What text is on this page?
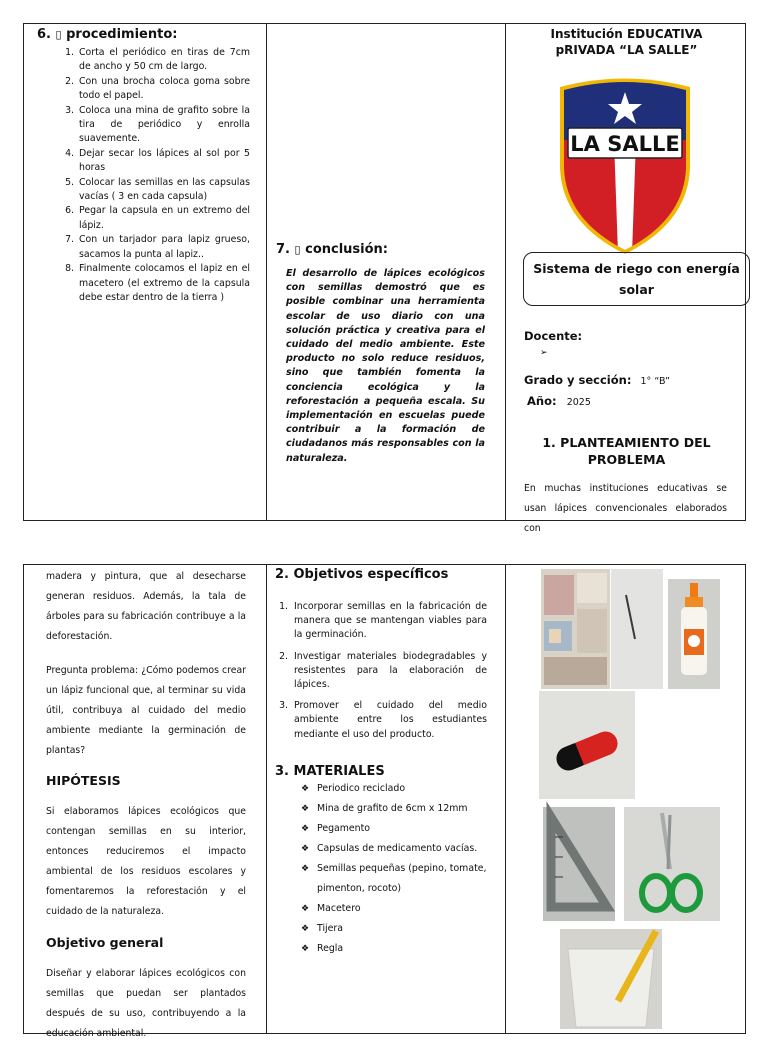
6. ▯ procedimiento:
1. Corta el periódico en tiras de 7cm de ancho y 50 cm de largo.
2. Con una brocha coloca goma sobre todo el papel.
3. Coloca una mina de grafito sobre la tira de periódico y enrolla suavemente.
4. Dejar secar los lápices al sol por 5 horas
5. Colocar las semillas en las capsulas vacías ( 3 en cada capsula)
6. Pegar la capsula en un extremo del lápiz.
7. Con un tarjador para lapiz grueso, sacamos la punta al lapiz..
8. Finalmente colocamos el lapiz en el macetero (el extremo de la capsula debe estar dentro de la tierra )
7. ▯ conclusión:

El desarrollo de lápices ecológicos con semillas demostró que es posible combinar una herramienta escolar de uso diario con una solución práctica y creativa para el cuidado del medio ambiente. Este producto no solo reduce residuos, sino que también fomenta la conciencia ecológica y la reforestación a pequeña escala. Su implementación en escuelas puede contribuir a la formación de ciudadanos más responsables con la naturaleza.

Institución EDUCATIVA

pRIVADA “LA SALLE”

LA SALLE
Sistema de riego con energía
solar
Docente:
➢
Grado y sección: 1° “B”
Año: 2025

1. PLANTEAMIENTO DEL

PROBLEMA

En muchas instituciones educativas se usan lápices convencionales elaborados con

madera y pintura, que al desecharse generan residuos. Además, la tala de árboles para su fabricación contribuye a la deforestación.

Pregunta problema: ¿Cómo podemos crear un lápiz funcional que, al terminar su vida útil, contribuya al cuidado del medio ambiente mediante la germinación de plantas?

HIPÓTESIS

Si elaboramos lápices ecológicos que contengan semillas en su interior, entonces reduciremos el impacto ambiental de los residuos escolares y fomentaremos la reforestación y el cuidado de la naturaleza.

Objetivo general

Diseñar y elaborar lápices ecológicos con semillas que puedan ser plantados después de su uso, contribuyendo a la educación ambiental.

2. Objetivos específicos
1. Incorporar semillas en la fabricación de manera que se mantengan viables para la germinación.
2. Investigar materiales biodegradables y resistentes para la elaboración de lápices.
3. Promover el cuidado del medio ambiente entre los estudiantes mediante el uso del producto.
3. MATERIALES
❖ Periodico reciclado
❖ Mina de grafito de 6cm x 12mm
❖ Pegamento
❖ Capsulas de medicamento vacías.
❖ Semillas pequeñas (pepino, tomate, pimenton, rocoto)
❖ Macetero
❖ Tijera
❖ Regla
